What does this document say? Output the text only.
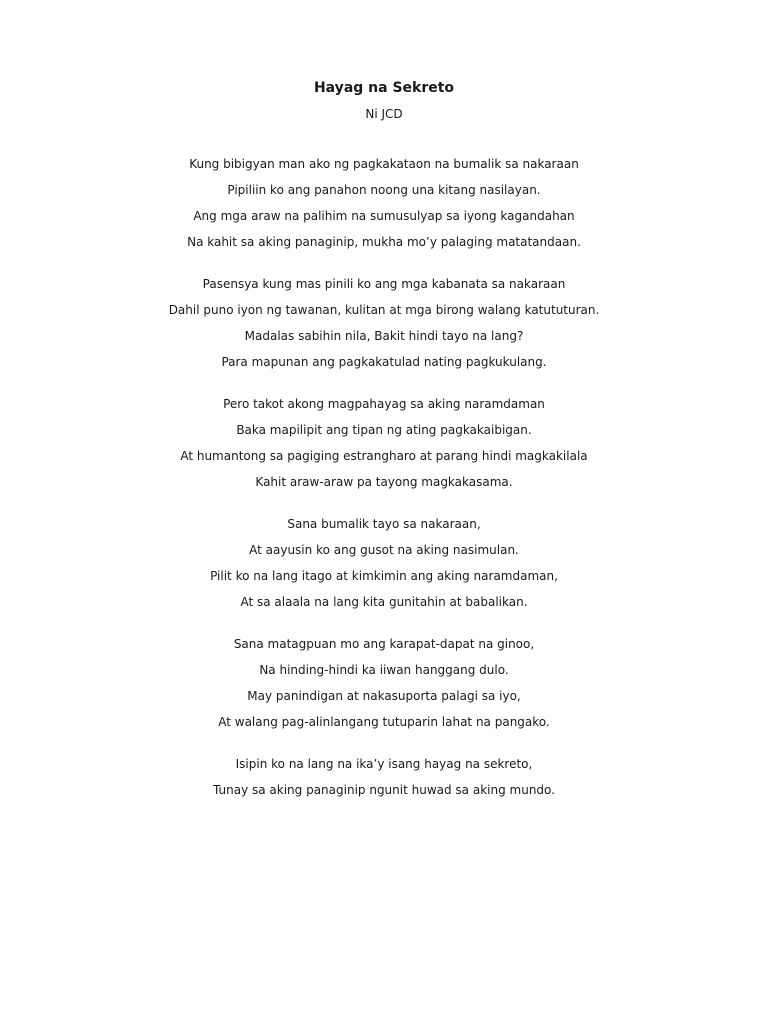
Hayag na Sekreto
Ni JCD
Kung bibigyan man ako ng pagkakataon na bumalik sa nakaraan
Pipiliin ko ang panahon noong una kitang nasilayan.
Ang mga araw na palihim na sumusulyap sa iyong kagandahan
Na kahit sa aking panaginip, mukha mo’y palaging matatandaan.
Pasensya kung mas pinili ko ang mga kabanata sa nakaraan
Dahil puno iyon ng tawanan, kulitan at mga birong walang katututuran.
Madalas sabihin nila, Bakit hindi tayo na lang?
Para mapunan ang pagkakatulad nating pagkukulang.
Pero takot akong magpahayag sa aking naramdaman
Baka mapilipit ang tipan ng ating pagkakaibigan.
At humantong sa pagiging estrangharo at parang hindi magkakilala
Kahit araw-araw pa tayong magkakasama.
Sana bumalik tayo sa nakaraan,
At aayusin ko ang gusot na aking nasimulan.
Pilit ko na lang itago at kimkimin ang aking naramdaman,
At sa alaala na lang kita gunitahin at babalikan.
Sana matagpuan mo ang karapat-dapat na ginoo,
Na hinding-hindi ka iiwan hanggang dulo.
May panindigan at nakasuporta palagi sa iyo,
At walang pag-alinlangang tutuparin lahat na pangako.
Isipin ko na lang na ika’y isang hayag na sekreto,
Tunay sa aking panaginip ngunit huwad sa aking mundo.
